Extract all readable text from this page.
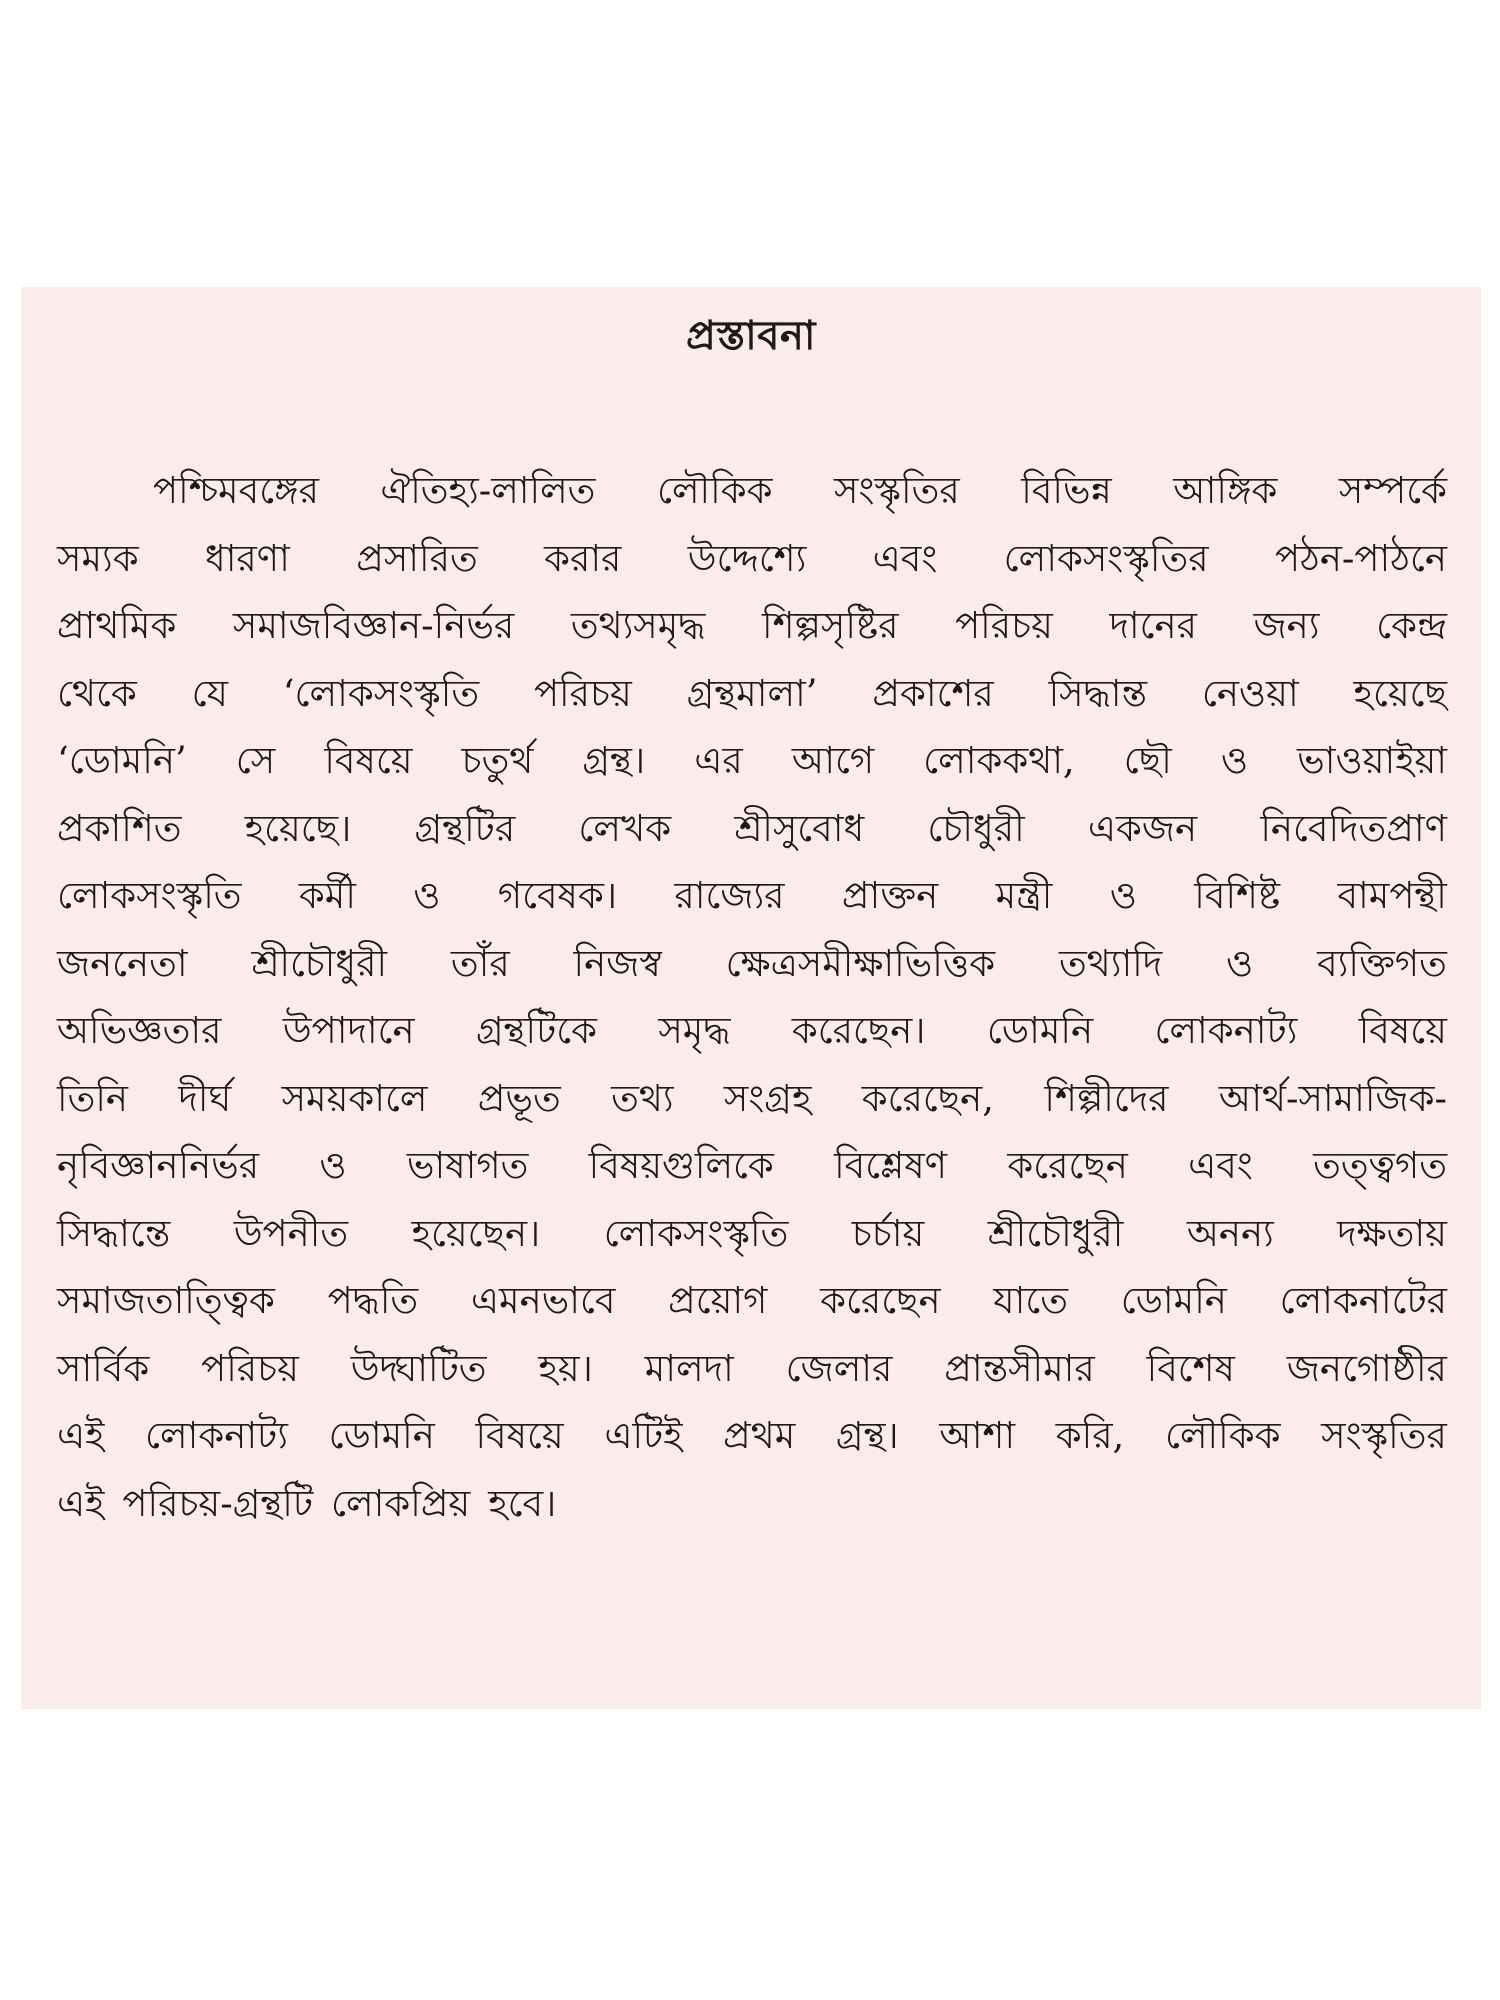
প্রস্তাবনা
পশ্চিমবঙ্গের ঐতিহ্য-লালিত লৌকিক সংস্কৃতির বিভিন্ন আঙ্গিক সম্পর্কে
সম্যক ধারণা প্রসারিত করার উদ্দেশ্যে এবং লোকসংস্কৃতির পঠন-পাঠনে
প্রাথমিক সমাজবিজ্ঞান-নির্ভর তথ্যসমৃদ্ধ শিল্পসৃষ্টির পরিচয় দানের জন্য কেন্দ্র
থেকে যে ‘লোকসংস্কৃতি পরিচয় গ্রন্থমালা’ প্রকাশের সিদ্ধান্ত নেওয়া হয়েছে
‘ডোমনি’ সে বিষয়ে চতুর্থ গ্রন্থ। এর আগে লোককথা, ছৌ ও ভাওয়াইয়া
প্রকাশিত হয়েছে। গ্রন্থটির লেখক শ্রীসুবোধ চৌধুরী একজন নিবেদিতপ্রাণ
লোকসংস্কৃতি কর্মী ও গবেষক। রাজ্যের প্রাক্তন মন্ত্রী ও বিশিষ্ট বামপন্থী
জননেতা শ্রীচৌধুরী তাঁর নিজস্ব ক্ষেত্রসমীক্ষাভিত্তিক তথ্যাদি ও ব্যক্তিগত
অভিজ্ঞতার উপাদানে গ্রন্থটিকে সমৃদ্ধ করেছেন। ডোমনি লোকনাট্য বিষয়ে
তিনি দীর্ঘ সময়কালে প্রভূত তথ্য সংগ্রহ করেছেন, শিল্পীদের আর্থ-সামাজিক-
নৃবিজ্ঞাননির্ভর ও ভাষাগত বিষয়গুলিকে বিশ্লেষণ করেছেন এবং তত্ত্বগত
সিদ্ধান্তে উপনীত হয়েছেন। লোকসংস্কৃতি চর্চায় শ্রীচৌধুরী অনন্য দক্ষতায়
সমাজতাত্ত্বিক পদ্ধতি এমনভাবে প্রয়োগ করেছেন যাতে ডোমনি লোকনাটের
সার্বিক পরিচয় উদ্ঘাটিত হয়। মালদা জেলার প্রান্তসীমার বিশেষ জনগোষ্ঠীর
এই লোকনাট্য ডোমনি বিষয়ে এটিই প্রথম গ্রন্থ। আশা করি, লৌকিক সংস্কৃতির
এই পরিচয়-গ্রন্থটি লোকপ্রিয় হবে।
